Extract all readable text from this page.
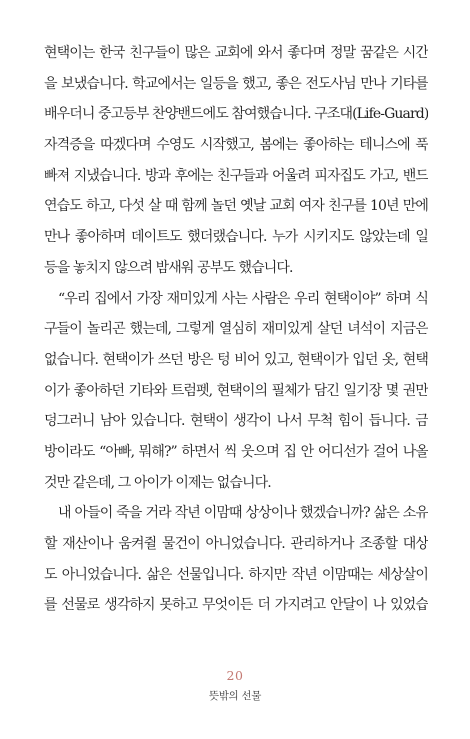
현택이는 한국 친구들이 많은 교회에 와서 좋다며 정말 꿈같은 시간
을 보냈습니다. 학교에서는 일등을 했고, 좋은 전도사님 만나 기타를
배우더니 중고등부 찬양밴드에도 참여했습니다. 구조대(Life-Guard)
자격증을 따겠다며 수영도 시작했고, 봄에는 좋아하는 테니스에 푹
빠져 지냈습니다. 방과 후에는 친구들과 어울려 피자집도 가고, 밴드
연습도 하고, 다섯 살 때 함께 놀던 옛날 교회 여자 친구를 10년 만에
만나 좋아하며 데이트도 했더랬습니다. 누가 시키지도 않았는데 일
등을 놓치지 않으려 밤새워 공부도 했습니다.
“우리 집에서 가장 재미있게 사는 사람은 우리 현택이야” 하며 식
구들이 놀리곤 했는데, 그렇게 열심히 재미있게 살던 녀석이 지금은
없습니다. 현택이가 쓰던 방은 텅 비어 있고, 현택이가 입던 옷, 현택
이가 좋아하던 기타와 트럼펫, 현택이의 필체가 담긴 일기장 몇 권만
덩그러니 남아 있습니다. 현택이 생각이 나서 무척 힘이 듭니다. 금
방이라도 “아빠, 뭐해?” 하면서 씩 웃으며 집 안 어디선가 걸어 나올
것만 같은데, 그 아이가 이제는 없습니다.
내 아들이 죽을 거라 작년 이맘때 상상이나 했겠습니까? 삶은 소유
할 재산이나 움켜쥘 물건이 아니었습니다. 관리하거나 조종할 대상
도 아니었습니다. 삶은 선물입니다. 하지만 작년 이맘때는 세상살이
를 선물로 생각하지 못하고 무엇이든 더 가지려고 안달이 나 있었습
20
뜻밖의 선물
